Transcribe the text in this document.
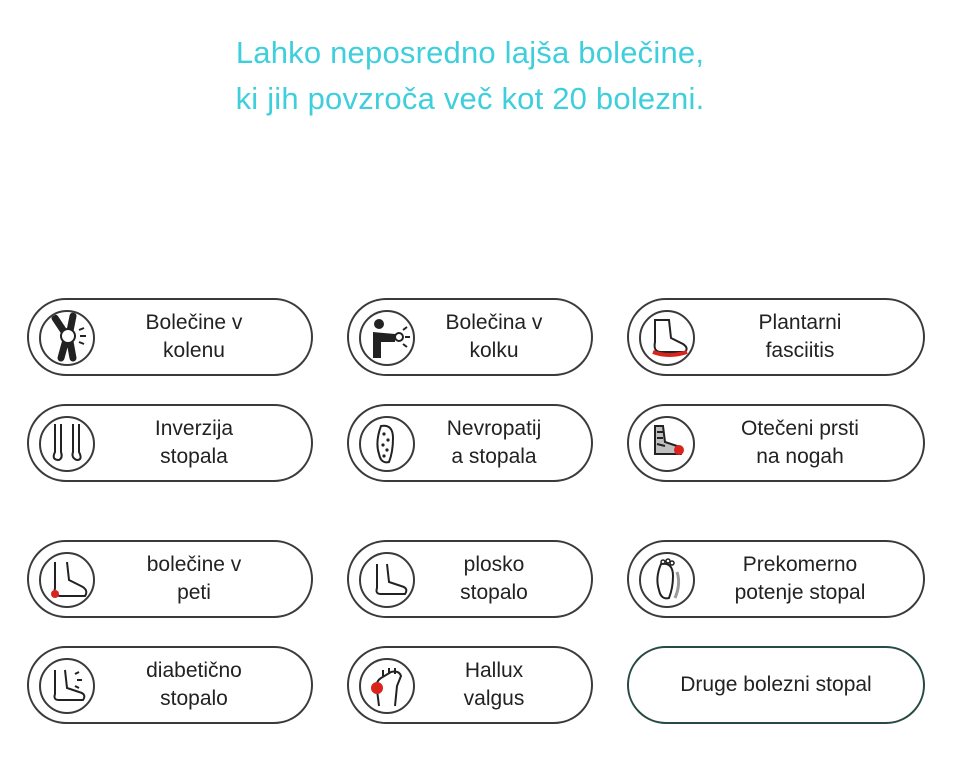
Lahko neposredno lajša bolečine,
ki jih povzroča več kot 20 bolezni.
Bolečine v
kolenu
Bolečina v
kolku
Plantarni
fasciitis
Inverzija
stopala
Nevropatij
a stopala
Otečeni prsti
na nogah
bolečine v
peti
plosko
stopalo
Prekomerno
potenje stopal
diabetično
stopalo
Hallux
valgus
Druge bolezni stopal
